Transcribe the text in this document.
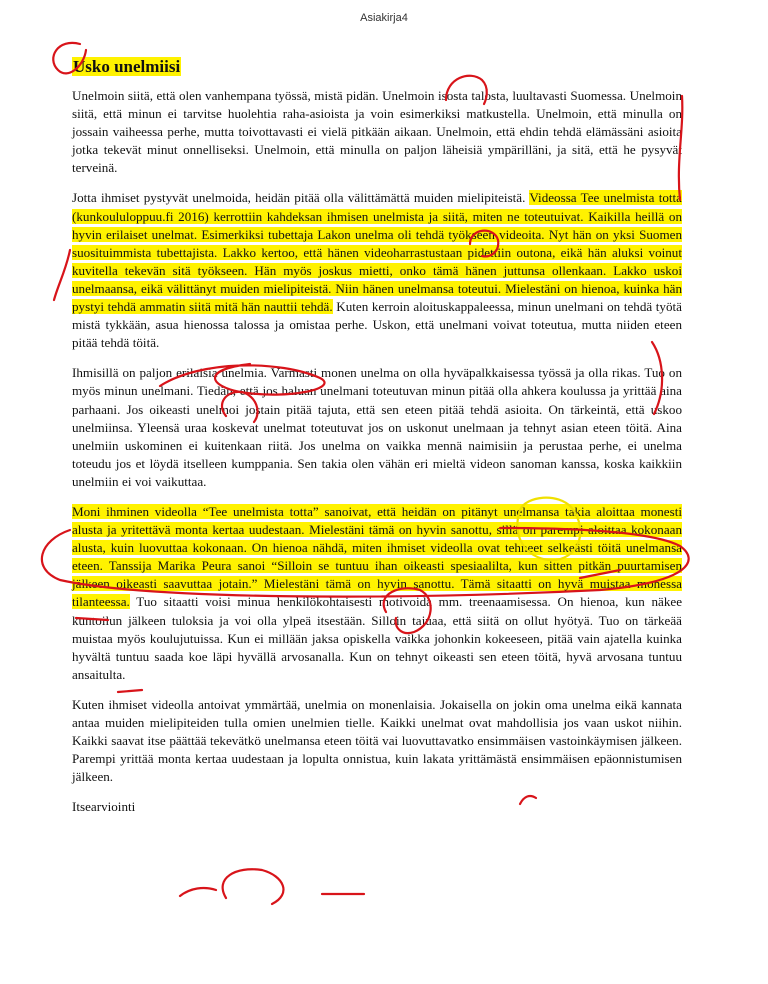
Asiakirja4
Usko unelmiisi

Unelmoin siitä, että olen vanhempana työssä, mistä pidän. Unelmoin isosta talosta, luultavasti Suomessa. Unelmoin siitä, että minun ei tarvitse huolehtia raha-asioista ja voin esimerkiksi matkustella. Unelmoin, että minulla on jossain vaiheessa perhe, mutta toivottavasti ei vielä pitkään aikaan. Unelmoin, että ehdin tehdä elämässäni asioita jotka tekevät minut onnelliseksi. Unelmoin, että minulla on paljon läheisiä ympärilläni, ja sitä, että he pysyvät terveinä.

Jotta ihmiset pystyvät unelmoida, heidän pitää olla välittämättä muiden mielipiteistä. Videossa Tee unelmista totta (kunkoululoppuu.fi 2016) kerrottiin kahdeksan ihmisen unelmista ja siitä, miten ne toteutuivat. Kaikilla heillä on hyvin erilaiset unelmat. Esimerkiksi tubettaja Lakon unelma oli tehdä työkseen videoita. Nyt hän on yksi Suomen suosituimmista tubettajista. Lakko kertoo, että hänen videoharrastustaan pidettiin outona, eikä hän aluksi voinut kuvitella tekevän sitä työkseen. Hän myös joskus mietti, onko tämä hänen juttunsa ollenkaan. Lakko uskoi unelmaansa, eikä välittänyt muiden mielipiteistä. Niin hänen unelmansa toteutui. Mielestäni on hienoa, kuinka hän pystyi tehdä ammatin siitä mitä hän nauttii tehdä. Kuten kerroin aloituskappaleessa, minun unelmani on tehdä työtä mistä tykkään, asua hienossa talossa ja omistaa perhe. Uskon, että unelmani voivat toteutua, mutta niiden eteen pitää tehdä töitä.

Ihmisillä on paljon erilaisia unelmia. Varmasti monen unelma on olla hyväpalkkaisessa työssä ja olla rikas. Tuo on myös minun unelmani. Tiedän, että jos haluan unelmani toteutuvan minun pitää olla ahkera koulussa ja yrittää aina parhaani. Jos oikeasti unelmoi jostain pitää tajuta, että sen eteen pitää tehdä asioita. On tärkeintä, että uskoo unelmiinsa. Yleensä uraa koskevat unelmat toteutuvat jos on uskonut unelmaan ja tehnyt asian eteen töitä. Aina unelmiin uskominen ei kuitenkaan riitä. Jos unelma on vaikka mennä naimisiin ja perustaa perhe, ei unelma toteudu jos et löydä itselleen kumppania. Sen takia olen vähän eri mieltä videon sanoman kanssa, koska kaikkiin unelmiin ei voi vaikuttaa.

Moni ihminen videolla “Tee unelmista totta” sanoivat, että heidän on pitänyt unelmansa takia aloittaa monesti alusta ja yritettävä monta kertaa uudestaan. Mielestäni tämä on hyvin sanottu, sillä on parempi aloittaa kokonaan alusta, kuin luovuttaa kokonaan. On hienoa nähdä, miten ihmiset videolla ovat tehneet selkeästi töitä unelmansa eteen. Tanssija Marika Peura sanoi “Silloin se tuntuu ihan oikeasti spesiaalilta, kun sitten pitkän puurtamisen jälkeen oikeasti saavuttaa jotain.” Mielestäni tämä on hyvin sanottu. Tämä sitaatti on hyvä muistaa monessa tilanteessa. Tuo sitaatti voisi minua henkilökohtaisesti motivoida mm. treenaamisessa. On hienoa, kun näkee kuntoilun jälkeen tuloksia ja voi olla ylpeä itsestään. Silloin tajuaa, että siitä on ollut hyötyä. Tuo on tärkeää muistaa myös koulujutuissa. Kun ei millään jaksa opiskella vaikka johonkin kokeeseen, pitää vain ajatella kuinka hyvältä tuntuu saada koe läpi hyvällä arvosanalla. Kun on tehnyt oikeasti sen eteen töitä, hyvä arvosana tuntuu ansaitulta.

Kuten ihmiset videolla antoivat ymmärtää, unelmia on monenlaisia. Jokaisella on jokin oma unelma eikä kannata antaa muiden mielipiteiden tulla omien unelmien tielle. Kaikki unelmat ovat mahdollisia jos vaan uskot niihin. Kaikki saavat itse päättää tekevätkö unelmansa eteen töitä vai luovuttavatko ensimmäisen vastoinkäymisen jälkeen. Parempi yrittää monta kertaa uudestaan ja lopulta onnistua, kuin lakata yrittämästä ensimmäisen epäonnistumisen jälkeen.

Itsearviointi
